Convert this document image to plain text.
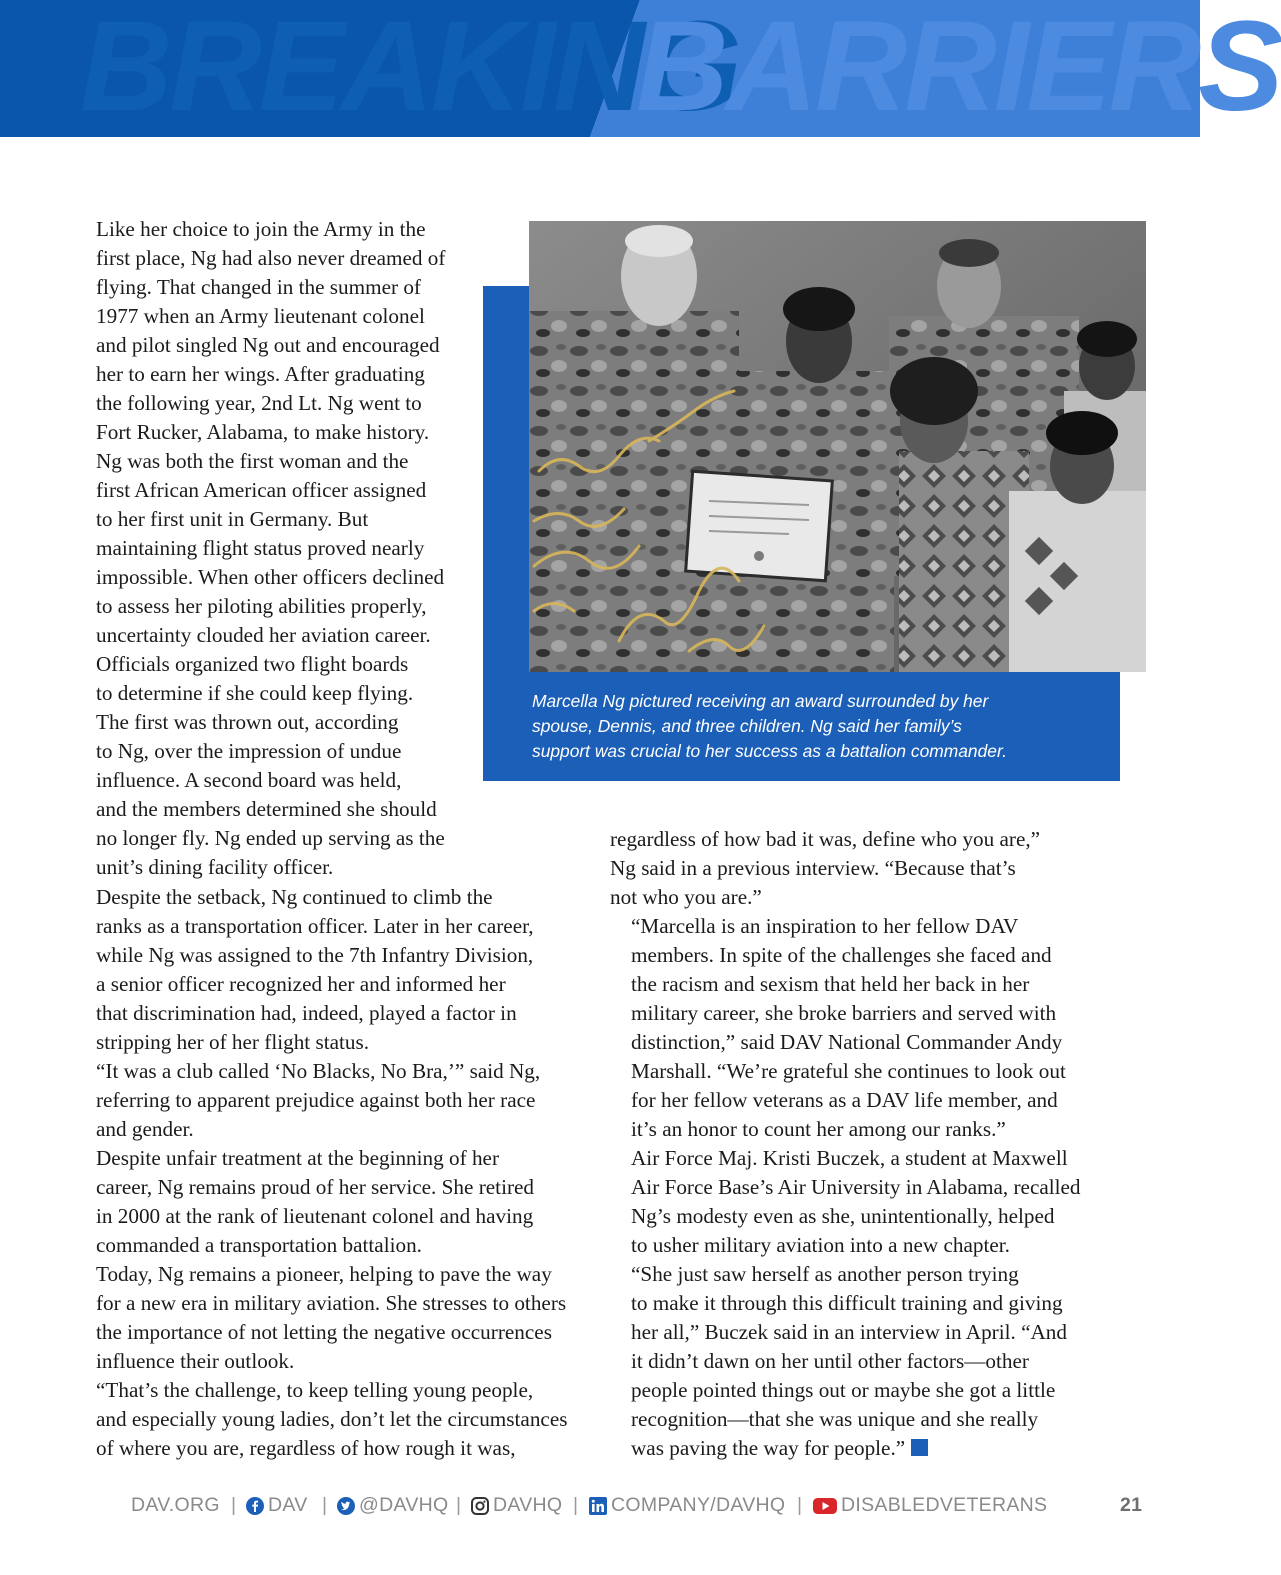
BREAKING
BARRIERS

Like her choice to join the Army in the
first place, Ng had also never dreamed of
flying. That changed in the summer of
1977 when an Army lieutenant colonel
and pilot singled Ng out and encouraged
her to earn her wings. After graduating
the following year, 2nd Lt. Ng went to
Fort Rucker, Alabama, to make history.

Ng was both the first woman and the
first African American officer assigned
to her first unit in Germany. But
maintaining flight status proved nearly
impossible. When other officers declined
to assess her piloting abilities properly,
uncertainty clouded her aviation career.

Officials organized two flight boards
to determine if she could keep flying.
The first was thrown out, according
to Ng, over the impression of undue
influence. A second board was held,
and the members determined she should
no longer fly. Ng ended up serving as the
unit’s dining facility officer.

Despite the setback, Ng continued to climb the
ranks as a transportation officer. Later in her career,
while Ng was assigned to the 7th Infantry Division,
a senior officer recognized her and informed her
that discrimination had, indeed, played a factor in
stripping her of her flight status.

“It was a club called ‘No Blacks, No Bra,’” said Ng,
referring to apparent prejudice against both her race
and gender.

Despite unfair treatment at the beginning of her
career, Ng remains proud of her service. She retired
in 2000 at the rank of lieutenant colonel and having
commanded a transportation battalion.

Today, Ng remains a pioneer, helping to pave the way
for a new era in military aviation. She stresses to others
the importance of not letting the negative occurrences
influence their outlook.

“That’s the challenge, to keep telling young people,
and especially young ladies, don’t let the circumstances
of where you are, regardless of how rough it was,

regardless of how bad it was, define who you are,”
Ng said in a previous interview. “Because that’s
not who you are.”

“Marcella is an inspiration to her fellow DAV
members. In spite of the challenges she faced and
the racism and sexism that held her back in her
military career, she broke barriers and served with
distinction,” said DAV National Commander Andy
Marshall. “We’re grateful she continues to look out
for her fellow veterans as a DAV life member, and
it’s an honor to count her among our ranks.”

Air Force Maj. Kristi Buczek, a student at Maxwell
Air Force Base’s Air University in Alabama, recalled
Ng’s modesty even as she, unintentionally, helped
to usher military aviation into a new chapter.

“She just saw herself as another person trying
to make it through this difficult training and giving
her all,” Buczek said in an interview in April. “And
it didn’t dawn on her until other factors—other
people pointed things out or maybe she got a little
recognition—that she was unique and she really
was paving the way for people.”

Marcella Ng pictured receiving an award surrounded by her
spouse, Dennis, and three children. Ng said her family’s
support was crucial to her success as a battalion commander.
DAV.ORG | DAV | @DAVHQ | DAVHQ | COMPANY/DAVHQ | DISABLEDVETERANS	21
